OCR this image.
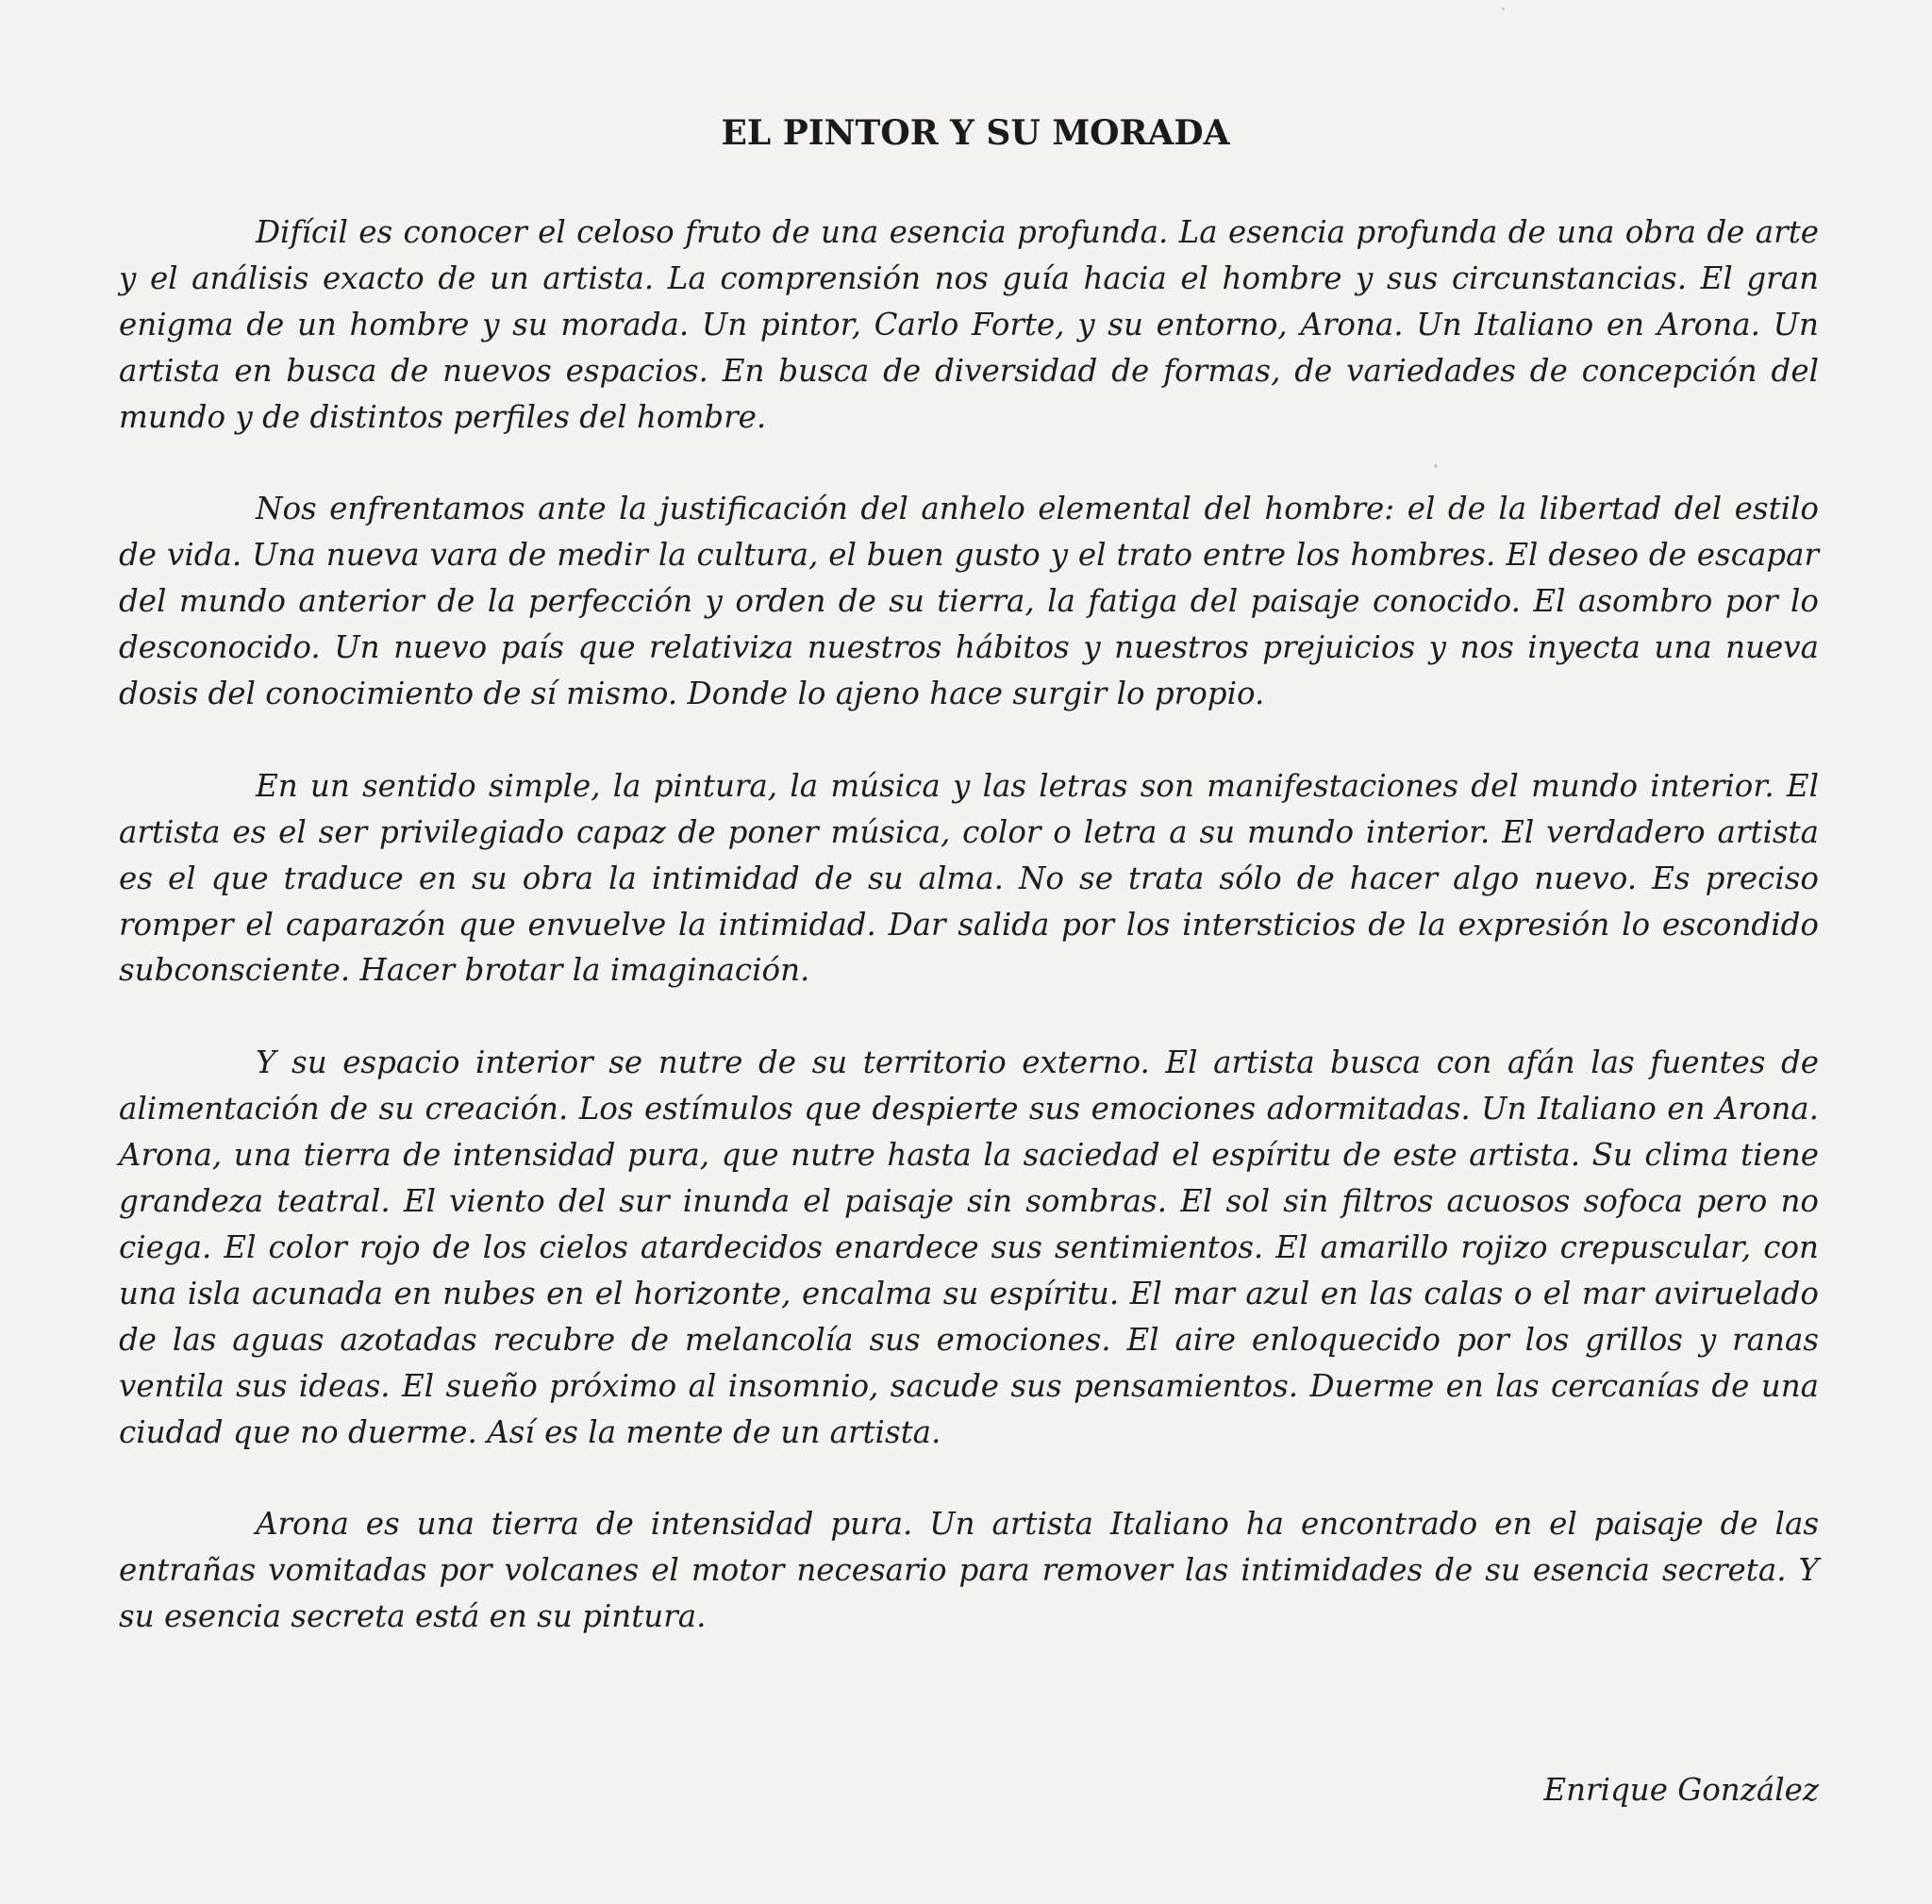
EL PINTOR Y SU MORADA

Difícil es conocer el celoso fruto de una esencia profunda. La esencia profunda de una obra de arte y el análisis exacto de un artista. La comprensión nos guía hacia el hombre y sus circunstancias. El gran enigma de un hombre y su morada. Un pintor, Carlo Forte, y su entorno, Arona. Un Italiano en Arona. Un artista en busca de nuevos espacios. En busca de diversidad de formas, de variedades de concepción del mundo y de distintos perfiles del hombre.

Nos enfrentamos ante la justificación del anhelo elemental del hombre: el de la libertad del estilo de vida. Una nueva vara de medir la cultura, el buen gusto y el trato entre los hombres. El deseo de escapar del mundo anterior de la perfección y orden de su tierra, la fatiga del paisaje conocido. El asombro por lo desconocido. Un nuevo país que relativiza nuestros hábitos y nuestros prejuicios y nos inyecta una nueva dosis del conocimiento de sí mismo. Donde lo ajeno hace surgir lo propio.

En un sentido simple, la pintura, la música y las letras son manifestaciones del mundo interior. El artista es el ser privilegiado capaz de poner música, color o letra a su mundo interior. El verdadero artista es el que traduce en su obra la intimidad de su alma. No se trata sólo de hacer algo nuevo. Es preciso romper el caparazón que envuelve la intimidad. Dar salida por los intersticios de la expresión lo escondido subconsciente. Hacer brotar la imaginación.

Y su espacio interior se nutre de su territorio externo. El artista busca con afán las fuentes de alimentación de su creación. Los estímulos que despierte sus emociones adormitadas. Un Italiano en Arona. Arona, una tierra de intensidad pura, que nutre hasta la saciedad el espíritu de este artista. Su clima tiene grandeza teatral. El viento del sur inunda el paisaje sin sombras. El sol sin filtros acuosos sofoca pero no ciega. El color rojo de los cielos atardecidos enardece sus sentimientos. El amarillo rojizo crepuscular, con una isla acunada en nubes en el horizonte, encalma su espíritu. El mar azul en las calas o el mar aviruelado de las aguas azotadas recubre de melancolía sus emociones. El aire enloquecido por los grillos y ranas ventila sus ideas. El sueño próximo al insomnio, sacude sus pensamientos. Duerme en las cercanías de una ciudad que no duerme. Así es la mente de un artista.

Arona es una tierra de intensidad pura. Un artista Italiano ha encontrado en el paisaje de las entrañas vomitadas por volcanes el motor necesario para remover las intimidades de su esencia secreta. Y su esencia secreta está en su pintura.

Enrique González
